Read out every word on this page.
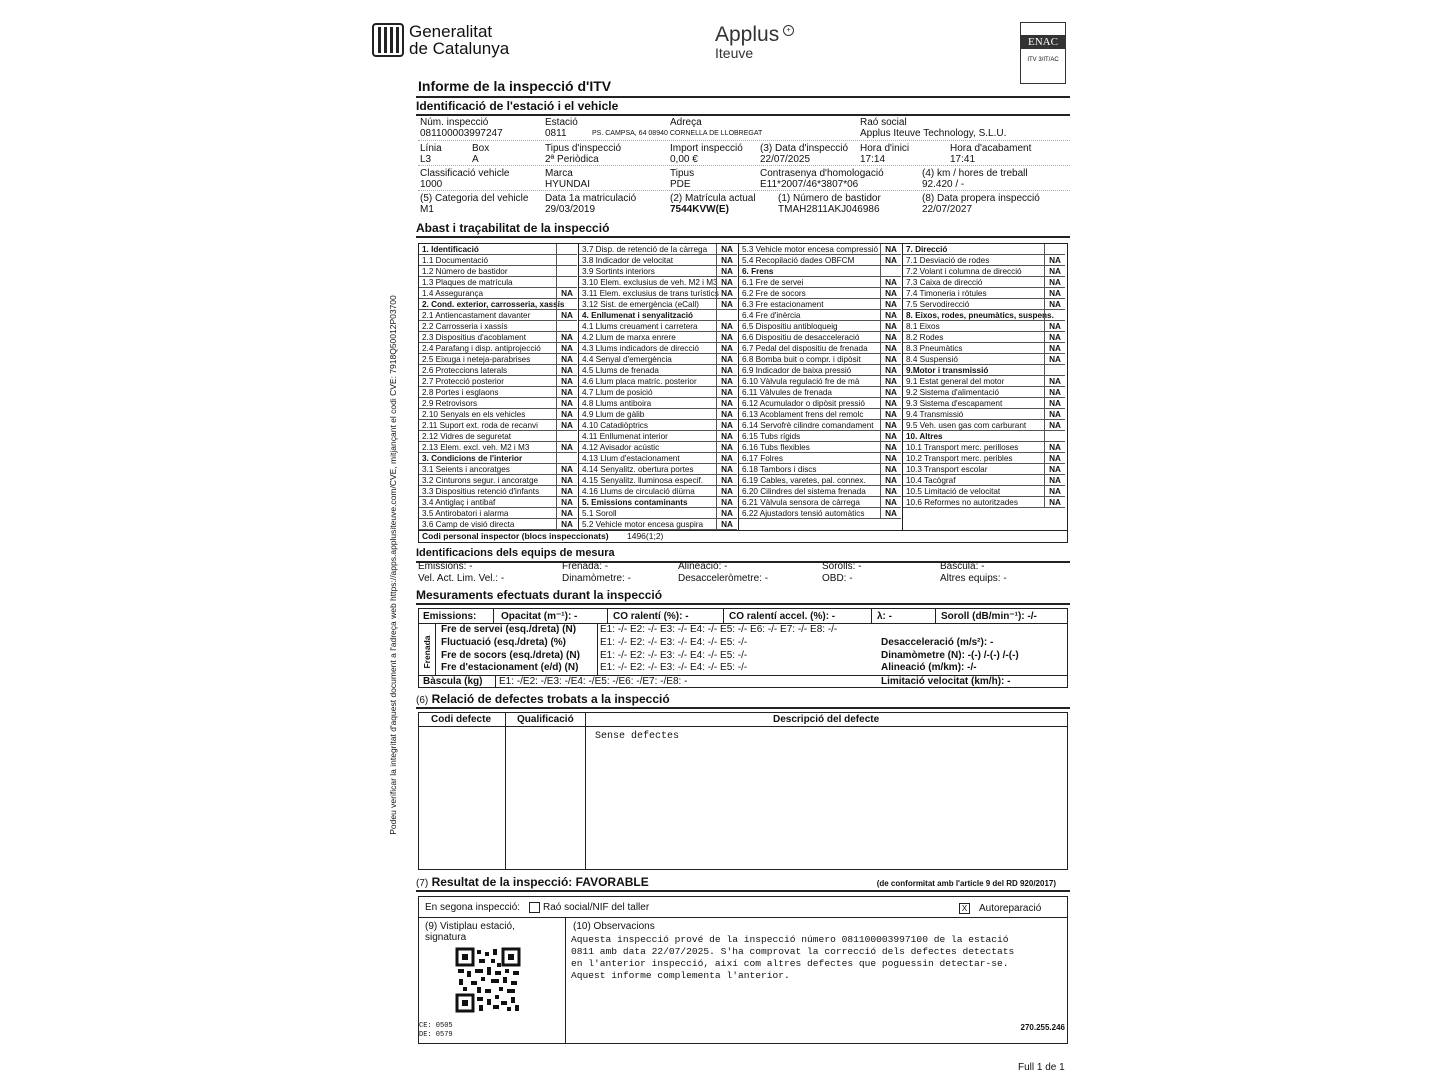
Generalitat
de Catalunya
Applus	+
Iteuve
ENAC
ITV 3/IT/AC
Podeu verificar la integritat d'aquest document a l'adreça web https://apps.applusiteuve.com/CVE, mitjançant el codi CVE: 7918Q50012P03700
Informe de la inspecció d'ITV
Identificació de l'estació i el vehicle
Núm. inspecció
081100003997247
Estació
0811
Adreça
PS. CAMPSA, 64 08940 CORNELLA DE LLOBREGAT
Raó social
Applus Iteuve Technology, S.L.U.
Línia
L3
Box
A
Tipus d'inspecció
2ª Periòdica
Import inspecció
0,00 €
(3) Data d'inspecció
22/07/2025
Hora d'inici
17:14
Hora d'acabament
17:41
Classificació vehicle
1000
Marca
HYUNDAI
Tipus
PDE
Contrasenya d'homologació
E11*2007/46*3807*06
(4) km / hores de treball
92.420 / -
(5) Categoria del vehicle
M1
Data 1a matriculació
29/03/2019
(2) Matrícula actual
7544KVW(E)
(1) Número de bastidor
TMAH2811AKJ046986
(8) Data propera inspecció
22/07/2027
Abast i traçabilitat de la inspecció
1. Identificació
1.1 Documentació
1.2 Número de bastidor
1.3 Plaques de matrícula
1.4 Assegurança	NA
2. Cond. exterior, carrosseria, xassís
2.1 Antiencastament davanter	NA
2.2 Carrosseria i xassís
2.3 Dispositius d'acoblament	NA
2.4 Parafang i disp. antiprojecció	NA
2.5 Eixuga i neteja-parabrises	NA
2.6 Proteccions laterals	NA
2.7 Protecció posterior	NA
2.8 Portes i esglaons	NA
2.9 Retrovisors	NA
2.10 Senyals en els vehicles	NA
2.11 Suport ext. roda de recanvi	NA
2.12 Vidres de seguretat
2.13 Elem. excl. veh. M2 i M3	NA
3. Condicions de l'interior
3.1 Seients i ancoratges	NA
3.2 Cinturons segur. i ancoratge	NA
3.3 Dispositius retenció d'infants	NA
3.4 Antiglaç i antibaf	NA
3.5 Antirobatori i alarma	NA
3.6 Camp de visió directa	NA
3.7 Disp. de retenció de la càrrega	NA
3.8 Indicador de velocitat	NA
3.9 Sortints interiors	NA
3.10 Elem. exclusius de veh. M2 i M3 NA
3.11 Elem. exclusius de trans turístics NA
3.12 Sist. de emergència (eCall)	NA
4. Enllumenat i senyalització
4.1 Llums creuament i carretera	NA
4.2 Llum de marxa enrere	NA
4.3 Llums indicadors de direcció	NA
4.4 Senyal d'emergència	NA
4.5 Llums de frenada	NA
4.6 Llum placa matríc. posterior	NA
4.7 Llum de posició	NA
4.8 Llums antiboira	NA
4.9 Llum de gàlib	NA
4.10 Catadiòptrics	NA
4.11 Enllumenat interior	NA
4.12 Avisador acústic	NA
4.13 Llum d'estacionament	NA
4.14 Senyalitz. obertura portes	NA
4.15 Senyalitz. lluminosa especif.	NA
4.16 Llums de circulació diürna	NA
5. Emissions contaminants	NA
5.1 Soroll	NA
5.2 Vehicle motor encesa guspira	NA
5.3 Vehicle motor encesa compressió NA
5.4 Recopilació dades OBFCM	NA
6. Frens
6.1 Fre de servei	NA
6.2 Fre de socors	NA
6.3 Fre estacionament	NA
6.4 Fre d'inèrcia	NA
6.5 Dispositiu antibloqueig	NA
6.6 Dispositiu de desacceleració	NA
6.7 Pedal del dispositiu de frenada	NA
6.8 Bomba buit o compr. i dipòsit	NA
6.9 Indicador de baixa pressió	NA
6.10 Vàlvula regulació fre de mà	NA
6.11 Vàlvules de frenada	NA
6.12 Acumulador o dipòsit pressió	NA
6.13 Acoblament frens del remolc	NA
6.14 Servofrè cilindre comandament	NA
6.15 Tubs rígids	NA
6.16 Tubs flexibles	NA
6.17 Folres	NA
6.18 Tambors i discs	NA
6.19 Cables, varetes, pal. connex.	NA
6.20 Cilindres del sistema frenada	NA
6.21 Vàlvula sensora de càrrega	NA
6.22 Ajustadors tensió automàtics	NA
7. Direcció
7.1 Desviació de rodes	NA
7.2 Volant i columna de direcció	NA
7.3 Caixa de direcció	NA
7.4 Timoneria i ròtules	NA
7.5 Servodirecció	NA
8. Eixos, rodes, pneumàtics, suspens.
8.1 Eixos	NA
8.2 Rodes	NA
8.3 Pneumàtics	NA
8.4 Suspensió	NA
9.Motor i transmissió
9.1 Estat general del motor	NA
9.2 Sistema d'alimentació	NA
9.3 Sistema d'escapament	NA
9.4 Transmissió	NA
9.5 Veh. usen gas com carburant	NA
10. Altres
10.1 Transport merc. perilloses	NA
10.2 Transport merc. peribles	NA
10.3 Transport escolar	NA
10.4 Tacògraf	NA
10.5 Limitació de velocitat	NA
10.6 Reformes no autoritzades	NA
Codi personal inspector (blocs inspeccionats) 1496(1;2)
Identificacions dels equips de mesura
Emissions: -	Frenada: -	Alineació: -	Sorolls: -	Bàscula: -
Vel. Act. Lim. Vel.: -	Dinamòmetre: -	Desacceleròmetre: -	OBD: -	Altres equips: -
Mesuraments efectuats durant la inspecció
Emissions: Opacitat (m⁻¹): -	CO ralentí (%): -	CO ralentí accel. (%): -	λ: -	Soroll (dB/min⁻¹): -/-
Frenada
Fre de servei (esq./dreta) (N) E1: -/- E2: -/- E3: -/- E4: -/- E5: -/- E6: -/- E7: -/- E8: -/-
Fluctuació (esq./dreta) (%)	E1: -/- E2: -/- E3: -/- E4: -/- E5: -/-	Desacceleració (m/s²): -
Fre de socors (esq./dreta) (N) E1: -/- E2: -/- E3: -/- E4: -/- E5: -/-	Dinamòmetre (N): -(-) /-(-) /-(-)
Fre d'estacionament (e/d) (N) E1: -/- E2: -/- E3: -/- E4: -/- E5: -/-	Alineació (m/km): -/-
Bàscula (kg) E1: -/E2: -/E3: -/E4: -/E5: -/E6: -/E7: -/E8: -	Limitació velocitat (km/h): -
(6) Relació de defectes trobats a la inspecció
Codi defecte	Qualificació	Descripció del defecte
Sense defectes
(7) Resultat de la inspecció: FAVORABLE	(de conformitat amb l'article 9 del RD 920/2017)
En segona inspecció: Raó social/NIF del taller	X Autoreparació
(9) Vistiplau estació, signatura
CE: 0505
DE: 0579
(10) Observacions
Aquesta inspecció prové de la inspecció número 081100003997100 de la estació
0811 amb data 22/07/2025. S'ha comprovat la correcció dels defectes detectats
en l'anterior inspecció, així com altres defectes que poguessin detectar-se.
Aquest informe complementa l'anterior.
270.255.246
Full 1 de 1
